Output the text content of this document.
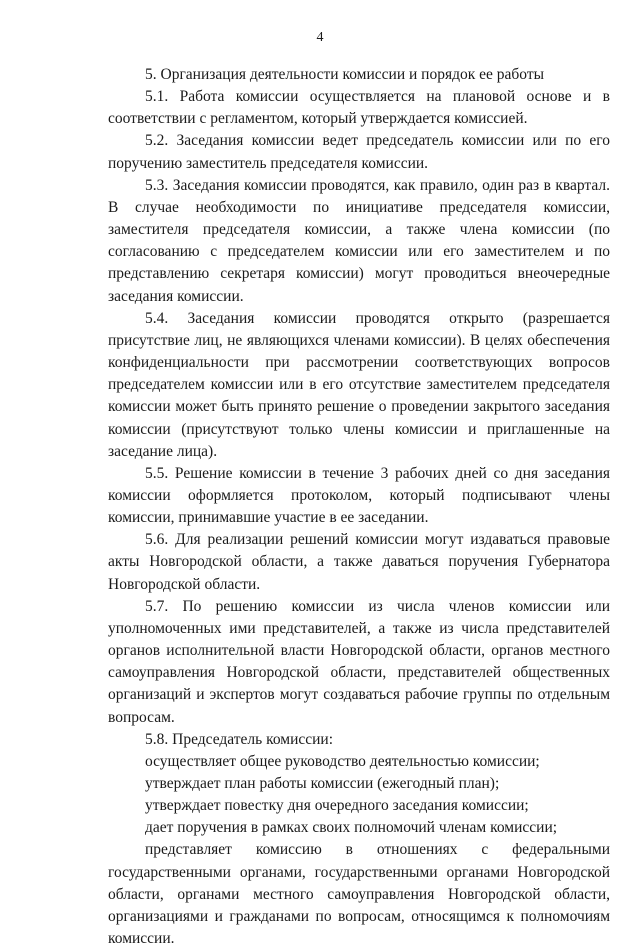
4

5. Организация деятельности комиссии и порядок ее работы

5.1. Работа комиссии осуществляется на плановой основе и в соответствии с регламентом, который утверждается комиссией.

5.2. Заседания комиссии ведет председатель комиссии или по его поручению заместитель председателя комиссии.

5.3. Заседания комиссии проводятся, как правило, один раз в квартал. В случае необходимости по инициативе председателя комиссии, заместителя председателя комиссии, а также члена комиссии (по согласованию с председателем комиссии или его заместителем и по представлению секретаря комиссии) могут проводиться внеочередные заседания комиссии.

5.4. Заседания комиссии проводятся открыто (разрешается присутствие лиц, не являющихся членами комиссии). В целях обеспечения конфиденциальности при рассмотрении соответствующих вопросов председателем комиссии или в его отсутствие заместителем председателя комиссии может быть принято решение о проведении закрытого заседания комиссии (присутствуют только члены комиссии и приглашенные на заседание лица).

5.5. Решение комиссии в течение 3 рабочих дней со дня заседания комиссии оформляется протоколом, который подписывают члены комиссии, принимавшие участие в ее заседании.

5.6. Для реализации решений комиссии могут издаваться правовые акты Новгородской области, а также даваться поручения Губернатора Новгородской области.

5.7. По решению комиссии из числа членов комиссии или уполномоченных ими представителей, а также из числа представителей органов исполнительной власти Новгородской области, органов местного самоуправления Новгородской области, представителей общественных организаций и экспертов могут создаваться рабочие группы по отдельным вопросам.

5.8. Председатель комиссии:

осуществляет общее руководство деятельностью комиссии;

утверждает план работы комиссии (ежегодный план);

утверждает повестку дня очередного заседания комиссии;

дает поручения в рамках своих полномочий членам комиссии;

представляет комиссию в отношениях с федеральными государственными органами, государственными органами Новгородской области, органами местного самоуправления Новгородской области, организациями и гражданами по вопросам, относящимся к полномочиям комиссии.
